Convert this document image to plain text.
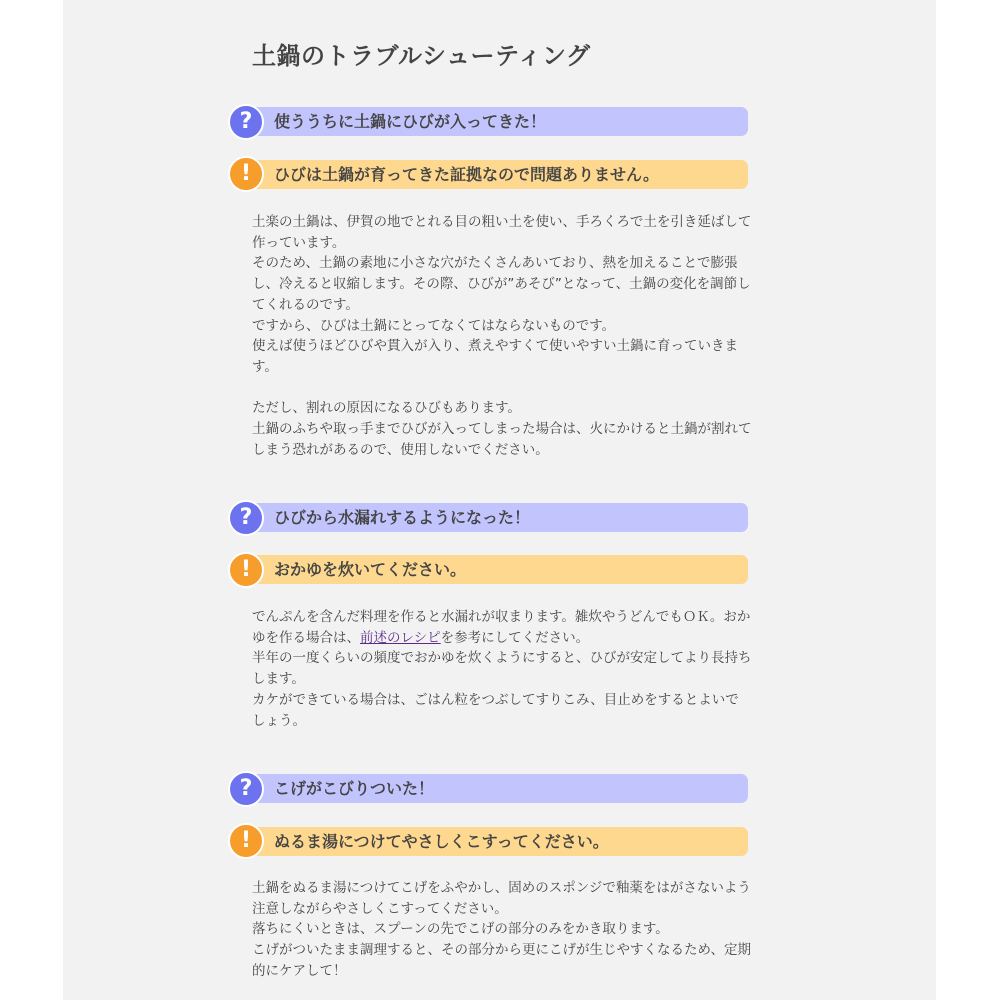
土鍋のトラブルシューティング
使ううちに土鍋にひびが入ってきた！
?
ひびは土鍋が育ってきた証拠なので問題ありません。
!

土楽の土鍋は、伊賀の地でとれる目の粗い土を使い、手ろくろで土を引き延ばして作っています。

そのため、土鍋の素地に小さな穴がたくさんあいており、熱を加えることで膨張し、冷えると収縮します。その際、ひびが”あそび”となって、土鍋の変化を調節してくれるのです。

ですから、ひびは土鍋にとってなくてはならないものです。

使えば使うほどひびや貫入が入り、煮えやすくて使いやすい土鍋に育っていきます。

ただし、割れの原因になるひびもあります。

土鍋のふちや取っ手までひびが入ってしまった場合は、火にかけると土鍋が割れてしまう恐れがあるので、使用しないでください。

ひびから水漏れするようになった！
?
おかゆを炊いてください。
!

でんぷんを含んだ料理を作ると水漏れが収まります。雑炊やうどんでもＯＫ。おかゆを作る場合は、前述のレシピを参考にしてください。

半年の一度くらいの頻度でおかゆを炊くようにすると、ひびが安定してより長持ちします。

カケができている場合は、ごはん粒をつぶしてすりこみ、目止めをするとよいでしょう。

こげがこびりついた！
?
ぬるま湯につけてやさしくこすってください。
!

土鍋をぬるま湯につけてこげをふやかし、固めのスポンジで釉薬をはがさないよう注意しながらやさしくこすってください。

落ちにくいときは、スプーンの先でこげの部分のみをかき取ります。

こげがついたまま調理すると、その部分から更にこげが生じやすくなるため、定期的にケアして！
